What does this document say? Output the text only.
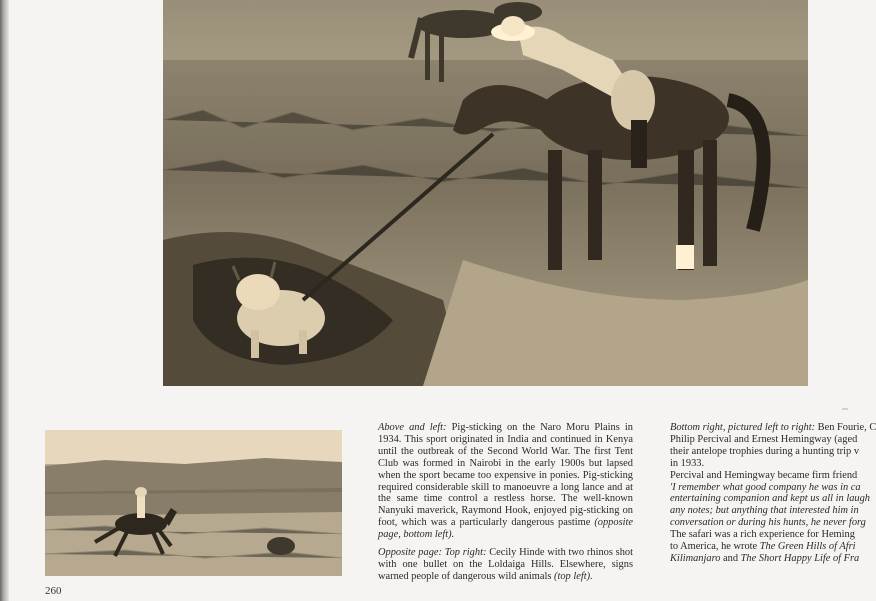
Above and left: Pig-sticking on the Naro Moru Plains in 1934. This sport originated in India and continued in Kenya until the outbreak of the Second World War. The first Tent Club was formed in Nairobi in the early 1900s but lapsed when the sport became too expensive in ponies. Pig-sticking required considerable skill to manoeuvre a long lance and at the same time control a restless horse. The well-known Nanyuki maverick, Raymond Hook, enjoyed pig-sticking on foot, which was a particularly dangerous pastime (opposite page, bottom left).

Opposite page: Top right: Cecily Hinde with two rhinos shot with one bullet on the Loldaiga Hills. Elsewhere, signs warned people of dangerous wild animals (top left).

Bottom right, pictured left to right: Ben Fourie, C

Philip Percival and Ernest Hemingway (aged

their antelope trophies during a hunting trip v

in 1933.

Percival and Hemingway became firm friend

'I remember what good company he was in ca

entertaining companion and kept us all in laugh

any notes; but anything that interested him in

conversation or during his hunts, he never forg

The safari was a rich experience for Heming

to America, he wrote The Green Hills of Afri

Kilimanjaro and The Short Happy Life of Fra

260
